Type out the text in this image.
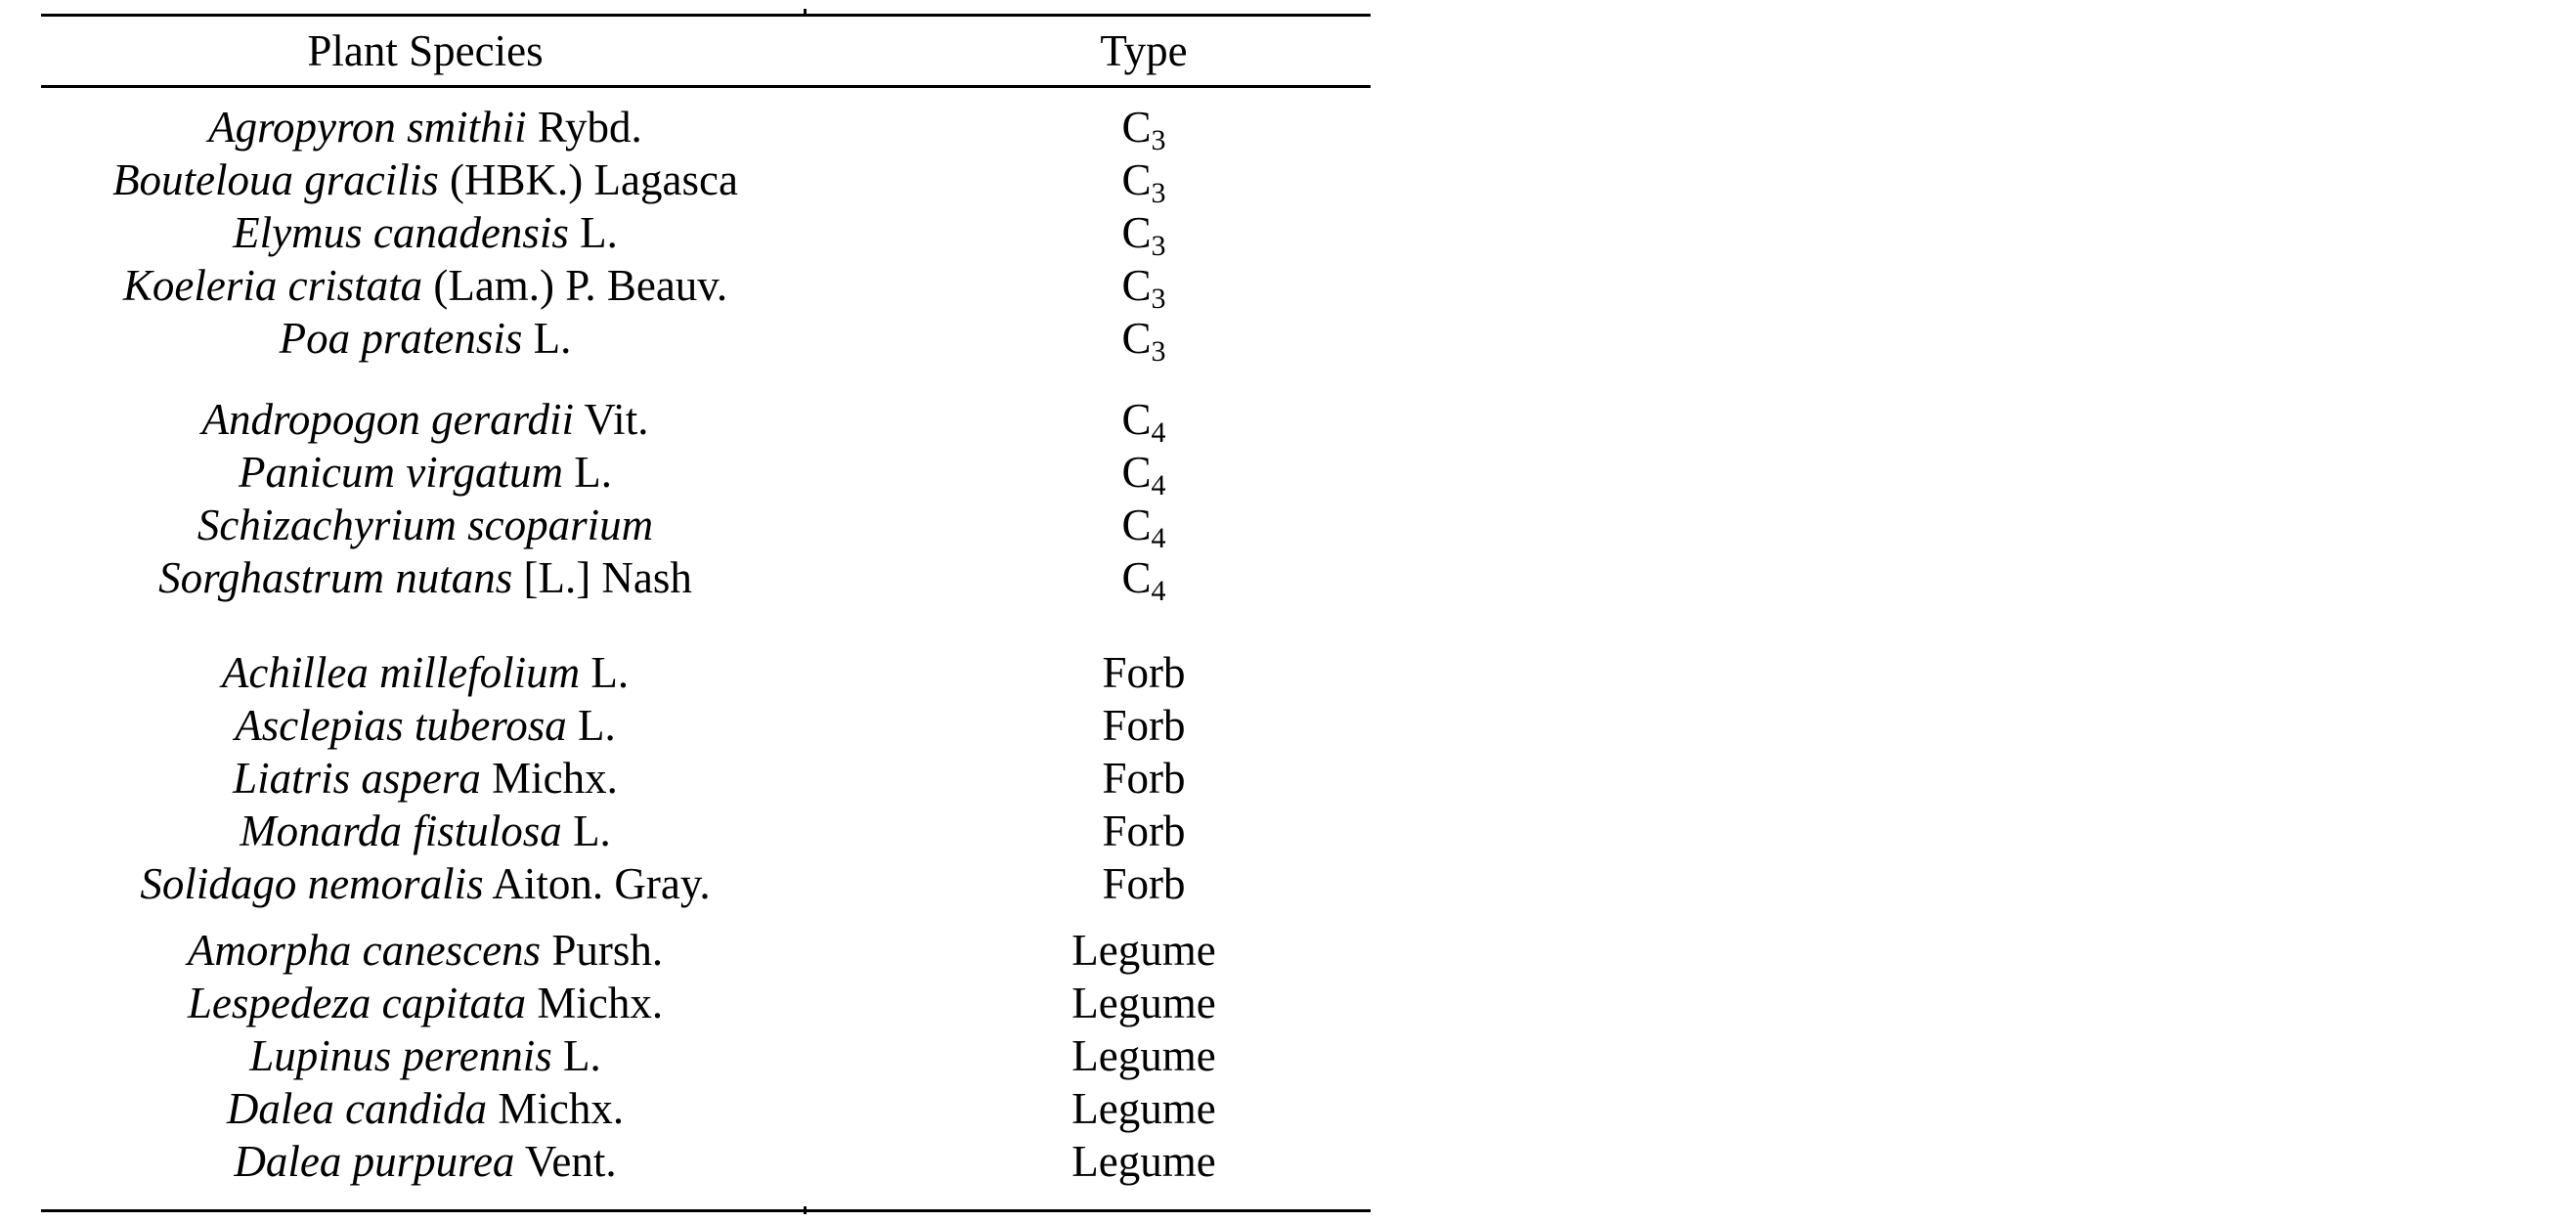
Plant Species	Type
Agropyron smithii Rybd.	$C_3$
Bouteloua gracilis (HBK.) Lagasca	$C_3$
Elymus canadensis L.	$C_3$
Koeleria cristata (Lam.) P. Beauv.	$C_3$
Poa pratensis L.	$C_3$
Andropogon gerardii Vit.	$C_4$
Panicum virgatum L.	$C_4$
Schizachyrium scoparium	$C_4$
Sorghastrum nutans [L.] Nash	$C_4$
Achillea millefolium L.	Forb
Asclepias tuberosa L.	Forb
Liatris aspera Michx.	Forb
Monarda fistulosa L.	Forb
Solidago nemoralis Aiton. Gray.	Forb
Amorpha canescens Pursh.	Legume
Lespedeza capitata Michx.	Legume
Lupinus perennis L.	Legume
Dalea candida Michx.	Legume
Dalea purpurea Vent.	Legume
